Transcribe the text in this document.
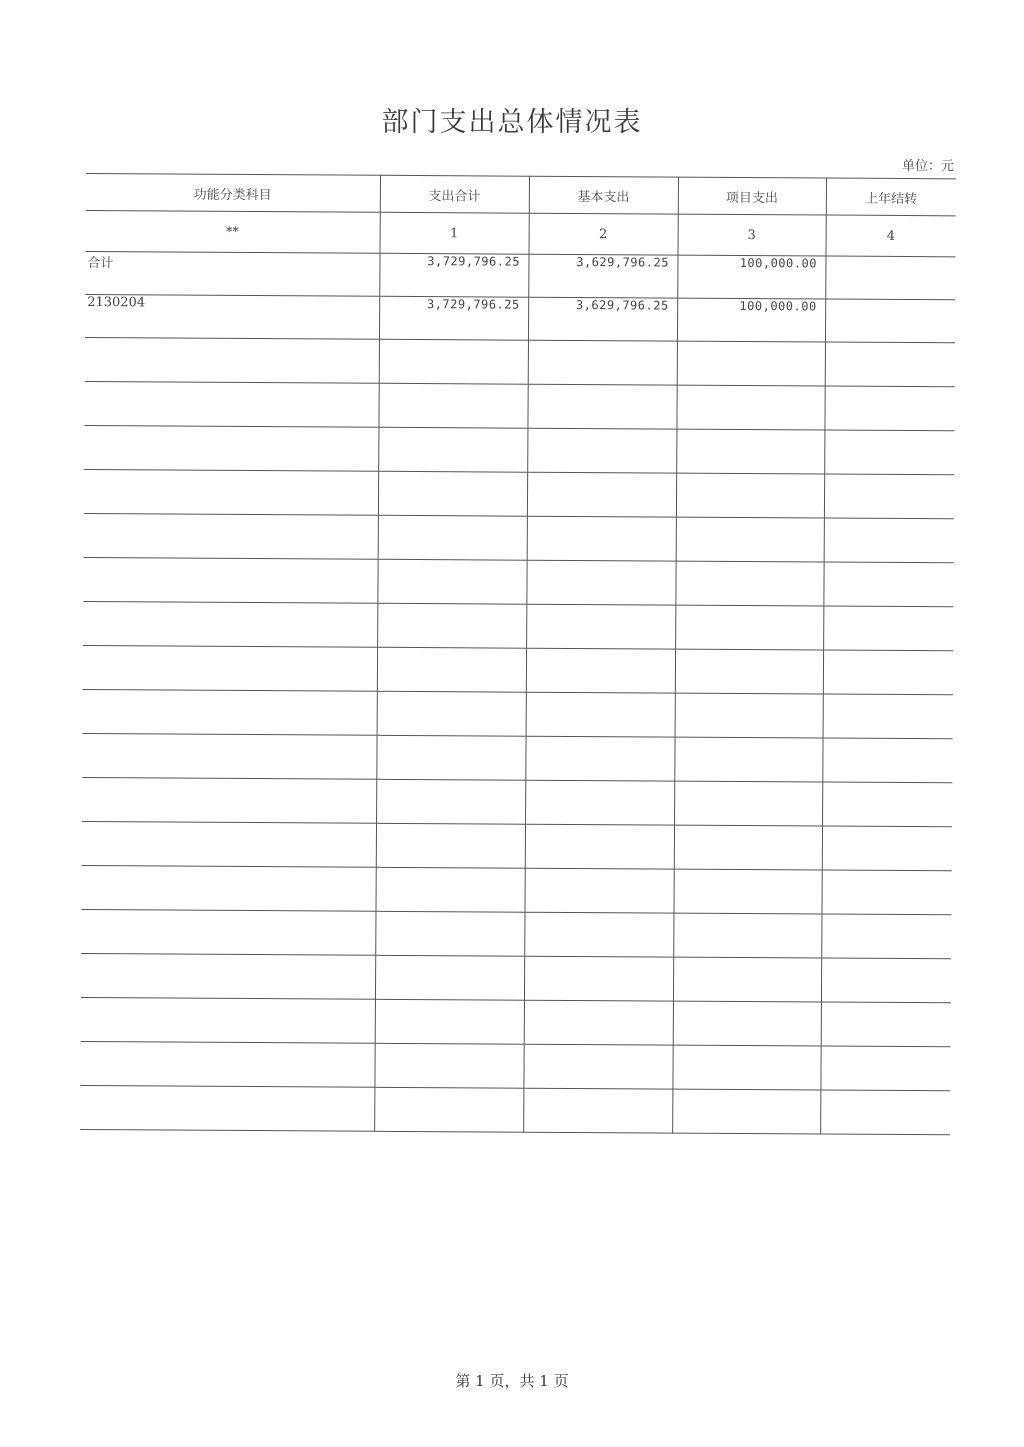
部门支出总体情况表
单位：元
功能分类科目	支出合计	基本支出	项目支出	上年结转
**	1	2	3	4
合计	3,729,796.25	3,629,796.25	100,000.00	
2130204	3,729,796.25	3,629,796.25	100,000.00	

第 1 页，共 1 页
